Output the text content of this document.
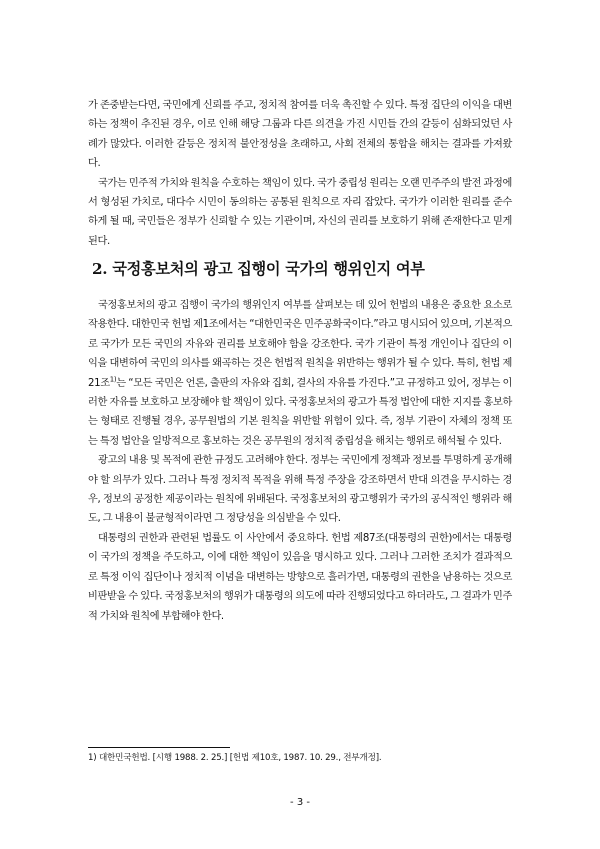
가 존중받는다면, 국민에게 신뢰를 주고, 정치적 참여를 더욱 촉진할 수 있다. 특정 집단의 이익을 대변하는 정책이 추진된 경우, 이로 인해 해당 그룹과 다른 의견을 가진 시민들 간의 갈등이 심화되었던 사례가 많았다. 이러한 갈등은 정치적 불안정성을 초래하고, 사회 전체의 통합을 해치는 결과를 가져왔다.

국가는 민주적 가치와 원칙을 수호하는 책임이 있다. 국가 중립성 원리는 오랜 민주주의 발전 과정에서 형성된 가치로, 대다수 시민이 동의하는 공통된 원칙으로 자리 잡았다. 국가가 이러한 원리를 준수하게 될 때, 국민들은 정부가 신뢰할 수 있는 기관이며, 자신의 권리를 보호하기 위해 존재한다고 믿게 된다.

2. 국정홍보처의 광고 집행이 국가의 행위인지 여부

국정홍보처의 광고 집행이 국가의 행위인지 여부를 살펴보는 데 있어 헌법의 내용은 중요한 요소로 작용한다. 대한민국 헌법 제1조에서는 “대한민국은 민주공화국이다.”라고 명시되어 있으며, 기본적으로 국가가 모든 국민의 자유와 권리를 보호해야 함을 강조한다. 국가 기관이 특정 개인이나 집단의 이익을 대변하여 국민의 의사를 왜곡하는 것은 헌법적 원칙을 위반하는 행위가 될 수 있다. 특히, 헌법 제21조$^{1)}$는 “모든 국민은 언론, 출판의 자유와 집회, 결사의 자유를 가진다.”고 규정하고 있어, 정부는 이러한 자유를 보호하고 보장해야 할 책임이 있다. 국정홍보처의 광고가 특정 법안에 대한 지지를 홍보하는 형태로 진행될 경우, 공무원법의 기본 원칙을 위반할 위험이 있다. 즉, 정부 기관이 자체의 정책 또는 특정 법안을 일방적으로 홍보하는 것은 공무원의 정치적 중립성을 해치는 행위로 해석될 수 있다.

광고의 내용 및 목적에 관한 규정도 고려해야 한다. 정부는 국민에게 정책과 정보를 투명하게 공개해야 할 의무가 있다. 그러나 특정 정치적 목적을 위해 특정 주장을 강조하면서 반대 의견을 무시하는 경우, 정보의 공정한 제공이라는 원칙에 위배된다. 국정홍보처의 광고행위가 국가의 공식적인 행위라 해도, 그 내용이 불균형적이라면 그 정당성을 의심받을 수 있다.

대통령의 권한과 관련된 법률도 이 사안에서 중요하다. 헌법 제87조(대통령의 권한)에서는 대통령이 국가의 정책을 주도하고, 이에 대한 책임이 있음을 명시하고 있다. 그러나 그러한 조치가 결과적으로 특정 이익 집단이나 정치적 이념을 대변하는 방향으로 흘러가면, 대통령의 권한을 남용하는 것으로 비판받을 수 있다. 국정홍보처의 행위가 대통령의 의도에 따라 진행되었다고 하더라도, 그 결과가 민주적 가치와 원칙에 부합해야 한다.

1) 대한민국헌법. [시행 1988. 2. 25.] [헌법 제10호, 1987. 10. 29., 전부개정].
- 3 -
